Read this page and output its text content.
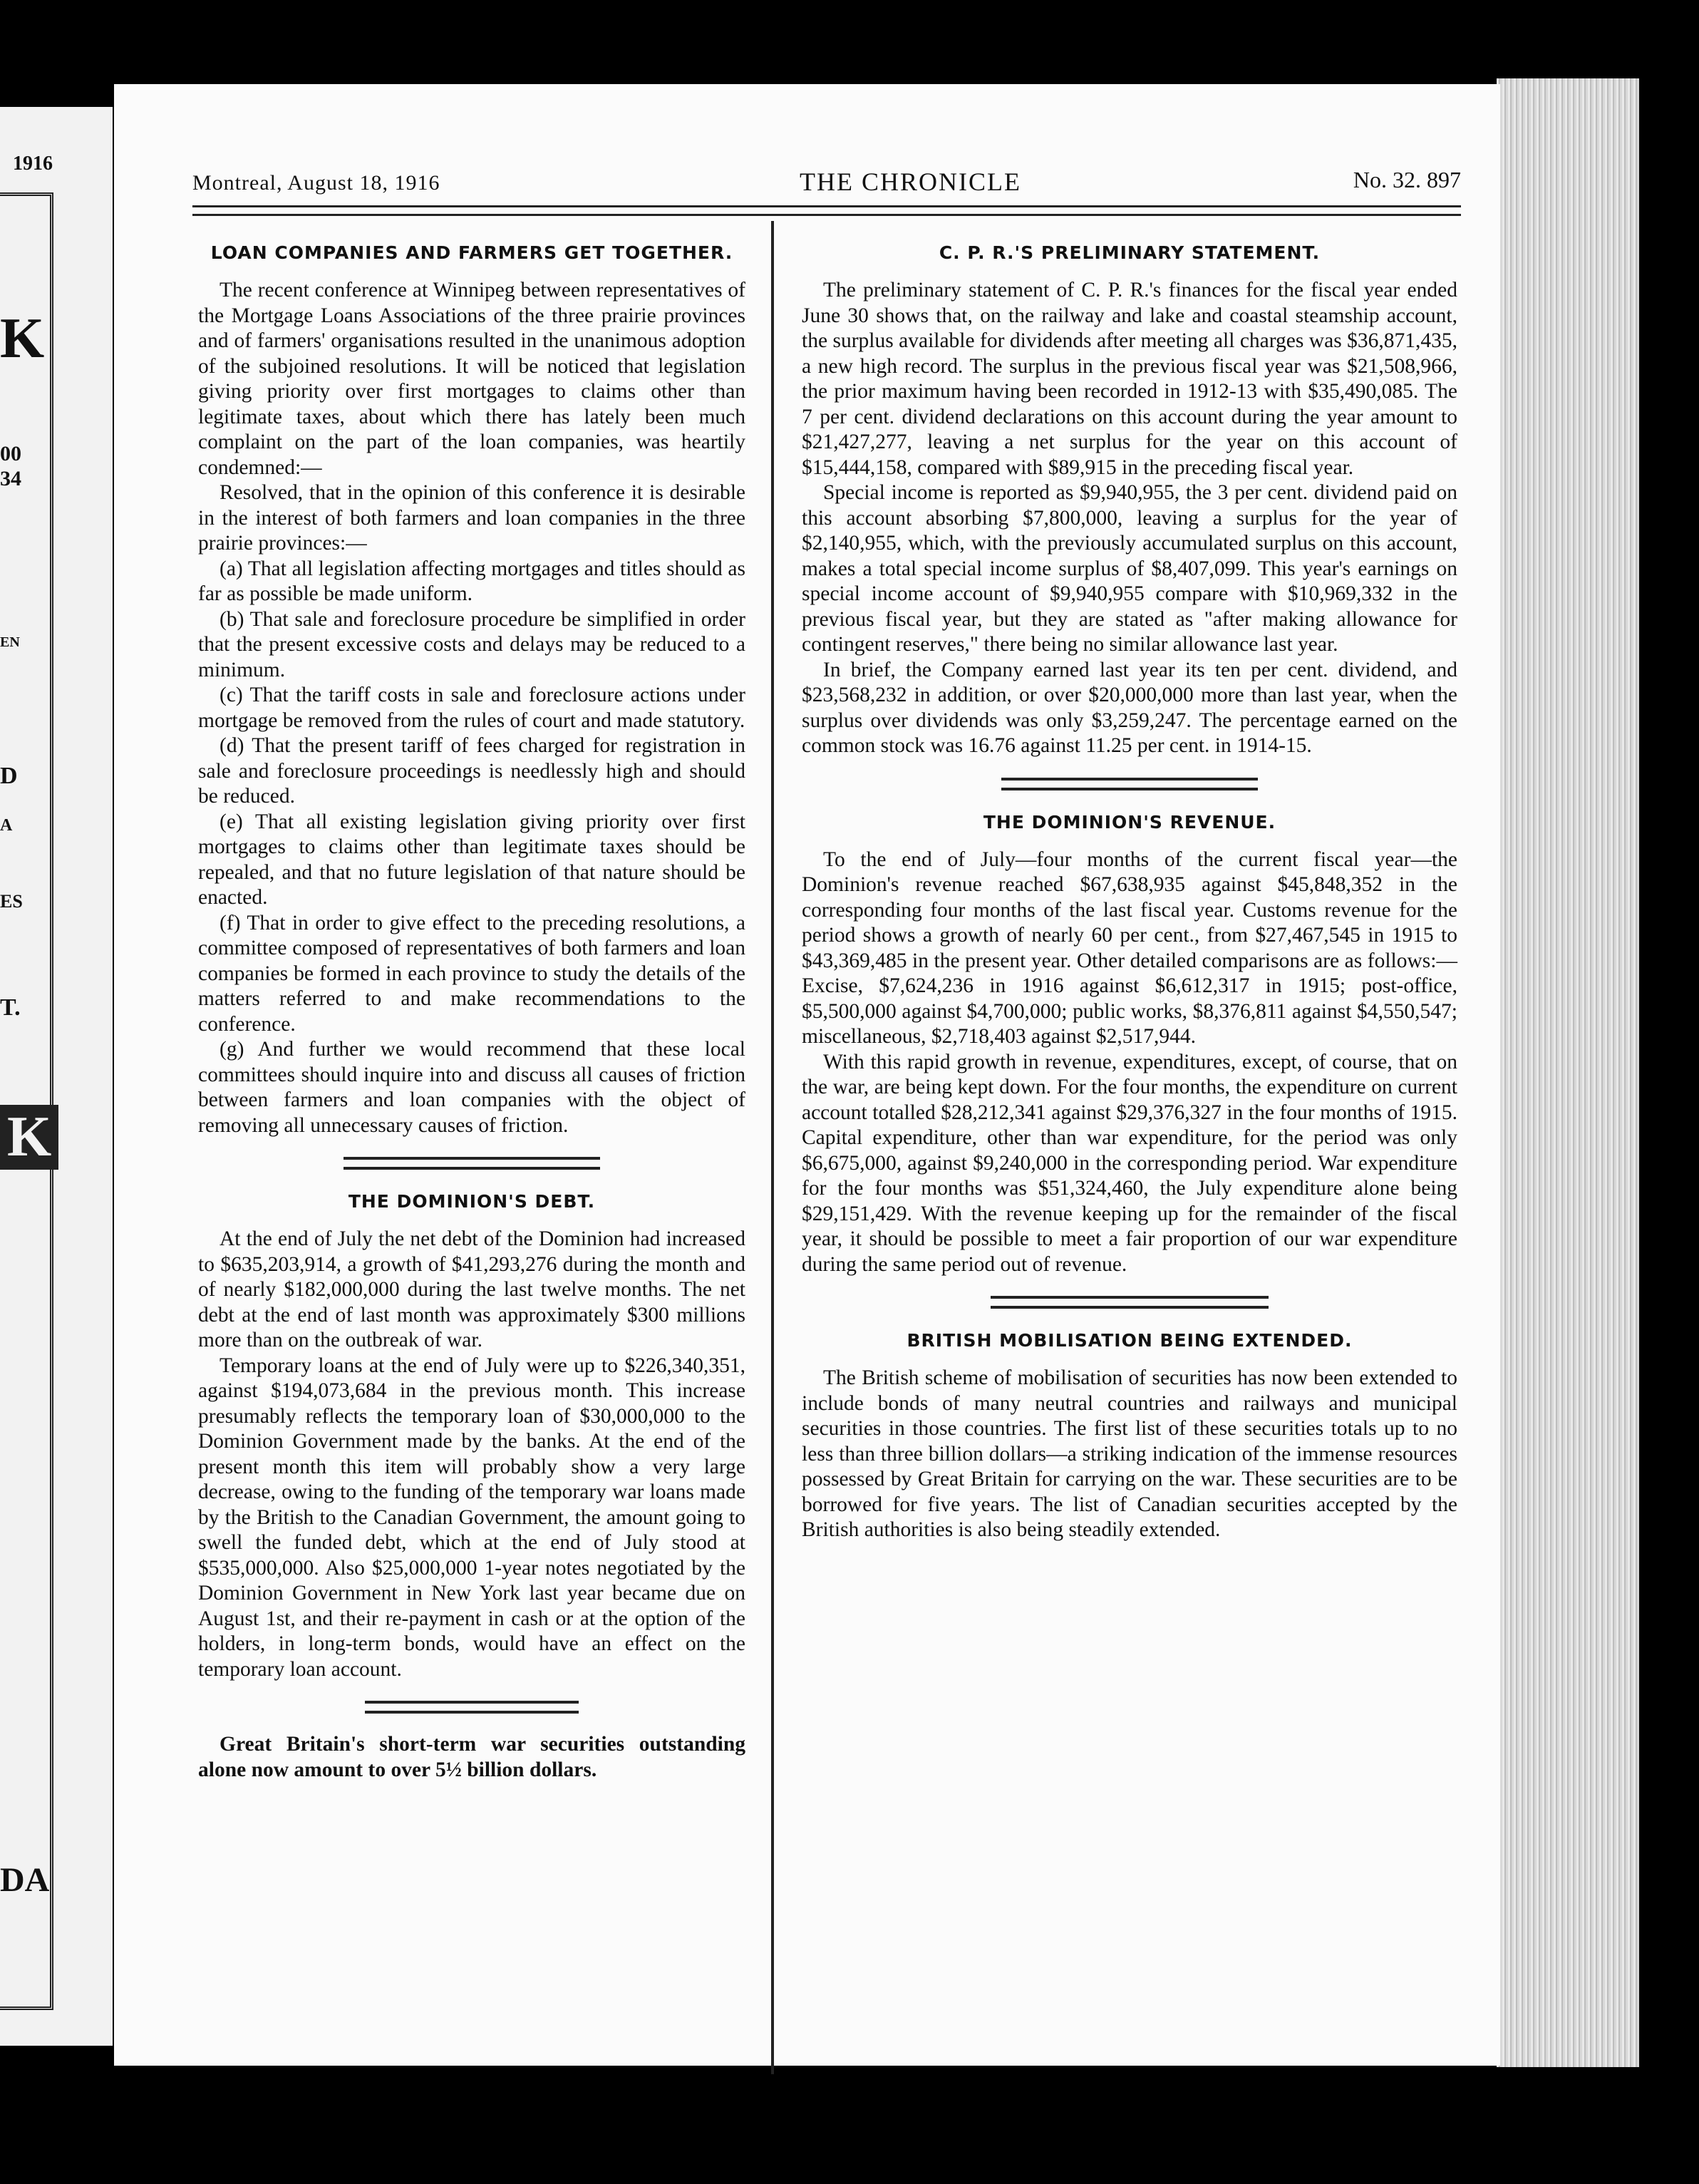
1916
K
00
34
EN
D
A
ES
T.
K
DA
Montreal, August 18, 1916	THE CHRONICLE	No. 32. 897
LOAN COMPANIES AND FARMERS GET TOGETHER.

The recent conference at Winnipeg between representatives of the Mortgage Loans Associations of the three prairie provinces and of farmers' organisations resulted in the unanimous adoption of the subjoined resolutions. It will be noticed that legislation giving priority over first mortgages to claims other than legitimate taxes, about which there has lately been much complaint on the part of the loan companies, was heartily condemned:—

Resolved, that in the opinion of this conference it is desirable in the interest of both farmers and loan companies in the three prairie provinces:—

(a) That all legislation affecting mortgages and titles should as far as possible be made uniform.

(b) That sale and foreclosure procedure be simplified in order that the present excessive costs and delays may be reduced to a minimum.

(c) That the tariff costs in sale and foreclosure actions under mortgage be removed from the rules of court and made statutory.

(d) That the present tariff of fees charged for registration in sale and foreclosure proceedings is needlessly high and should be reduced.

(e) That all existing legislation giving priority over first mortgages to claims other than legitimate taxes should be repealed, and that no future legislation of that nature should be enacted.

(f) That in order to give effect to the preceding resolutions, a committee composed of representatives of both farmers and loan companies be formed in each province to study the details of the matters referred to and make recommendations to the conference.

(g) And further we would recommend that these local committees should inquire into and discuss all causes of friction between farmers and loan companies with the object of removing all unnecessary causes of friction.

THE DOMINION'S DEBT.

At the end of July the net debt of the Dominion had increased to $635,203,914, a growth of $41,293,276 during the month and of nearly $182,000,000 during the last twelve months. The net debt at the end of last month was approximately $300 millions more than on the outbreak of war.

Temporary loans at the end of July were up to $226,340,351, against $194,073,684 in the previous month. This increase presumably reflects the temporary loan of $30,000,000 to the Dominion Government made by the banks. At the end of the present month this item will probably show a very large decrease, owing to the funding of the temporary war loans made by the British to the Canadian Government, the amount going to swell the funded debt, which at the end of July stood at $535,000,000. Also $25,000,000 1-year notes negotiated by the Dominion Government in New York last year became due on August 1st, and their re-payment in cash or at the option of the holders, in long-term bonds, would have an effect on the temporary loan account.

Great Britain's short-term war securities outstanding alone now amount to over 5½ billion dollars.

C. P. R.'S PRELIMINARY STATEMENT.

The preliminary statement of C. P. R.'s finances for the fiscal year ended June 30 shows that, on the railway and lake and coastal steamship account, the surplus available for dividends after meeting all charges was $36,871,435, a new high record. The surplus in the previous fiscal year was $21,508,966, the prior maximum having been recorded in 1912-13 with $35,490,085. The 7 per cent. dividend declarations on this account during the year amount to $21,427,277, leaving a net surplus for the year on this account of $15,444,158, compared with $89,915 in the preceding fiscal year.

Special income is reported as $9,940,955, the 3 per cent. dividend paid on this account absorbing $7,800,000, leaving a surplus for the year of $2,140,955, which, with the previously accumulated surplus on this account, makes a total special income surplus of $8,407,099. This year's earnings on special income account of $9,940,955 compare with $10,969,332 in the previous fiscal year, but they are stated as "after making allowance for contingent reserves," there being no similar allowance last year.

In brief, the Company earned last year its ten per cent. dividend, and $23,568,232 in addition, or over $20,000,000 more than last year, when the surplus over dividends was only $3,259,247. The percentage earned on the common stock was 16.76 against 11.25 per cent. in 1914-15.

THE DOMINION'S REVENUE.

To the end of July—four months of the current fiscal year—the Dominion's revenue reached $67,638,935 against $45,848,352 in the corresponding four months of the last fiscal year. Customs revenue for the period shows a growth of nearly 60 per cent., from $27,467,545 in 1915 to $43,369,485 in the present year. Other detailed comparisons are as follows:—Excise, $7,624,236 in 1916 against $6,612,317 in 1915; post-office, $5,500,000 against $4,700,000; public works, $8,376,811 against $4,550,547; miscellaneous, $2,718,403 against $2,517,944.

With this rapid growth in revenue, expenditures, except, of course, that on the war, are being kept down. For the four months, the expenditure on current account totalled $28,212,341 against $29,376,327 in the four months of 1915. Capital expenditure, other than war expenditure, for the period was only $6,675,000, against $9,240,000 in the corresponding period. War expenditure for the four months was $51,324,460, the July expenditure alone being $29,151,429. With the revenue keeping up for the remainder of the fiscal year, it should be possible to meet a fair proportion of our war expenditure during the same period out of revenue.

BRITISH MOBILISATION BEING EXTENDED.

The British scheme of mobilisation of securities has now been extended to include bonds of many neutral countries and railways and municipal securities in those countries. The first list of these securities totals up to no less than three billion dollars—a striking indication of the immense resources possessed by Great Britain for carrying on the war. These securities are to be borrowed for five years. The list of Canadian securities accepted by the British authorities is also being steadily extended.
